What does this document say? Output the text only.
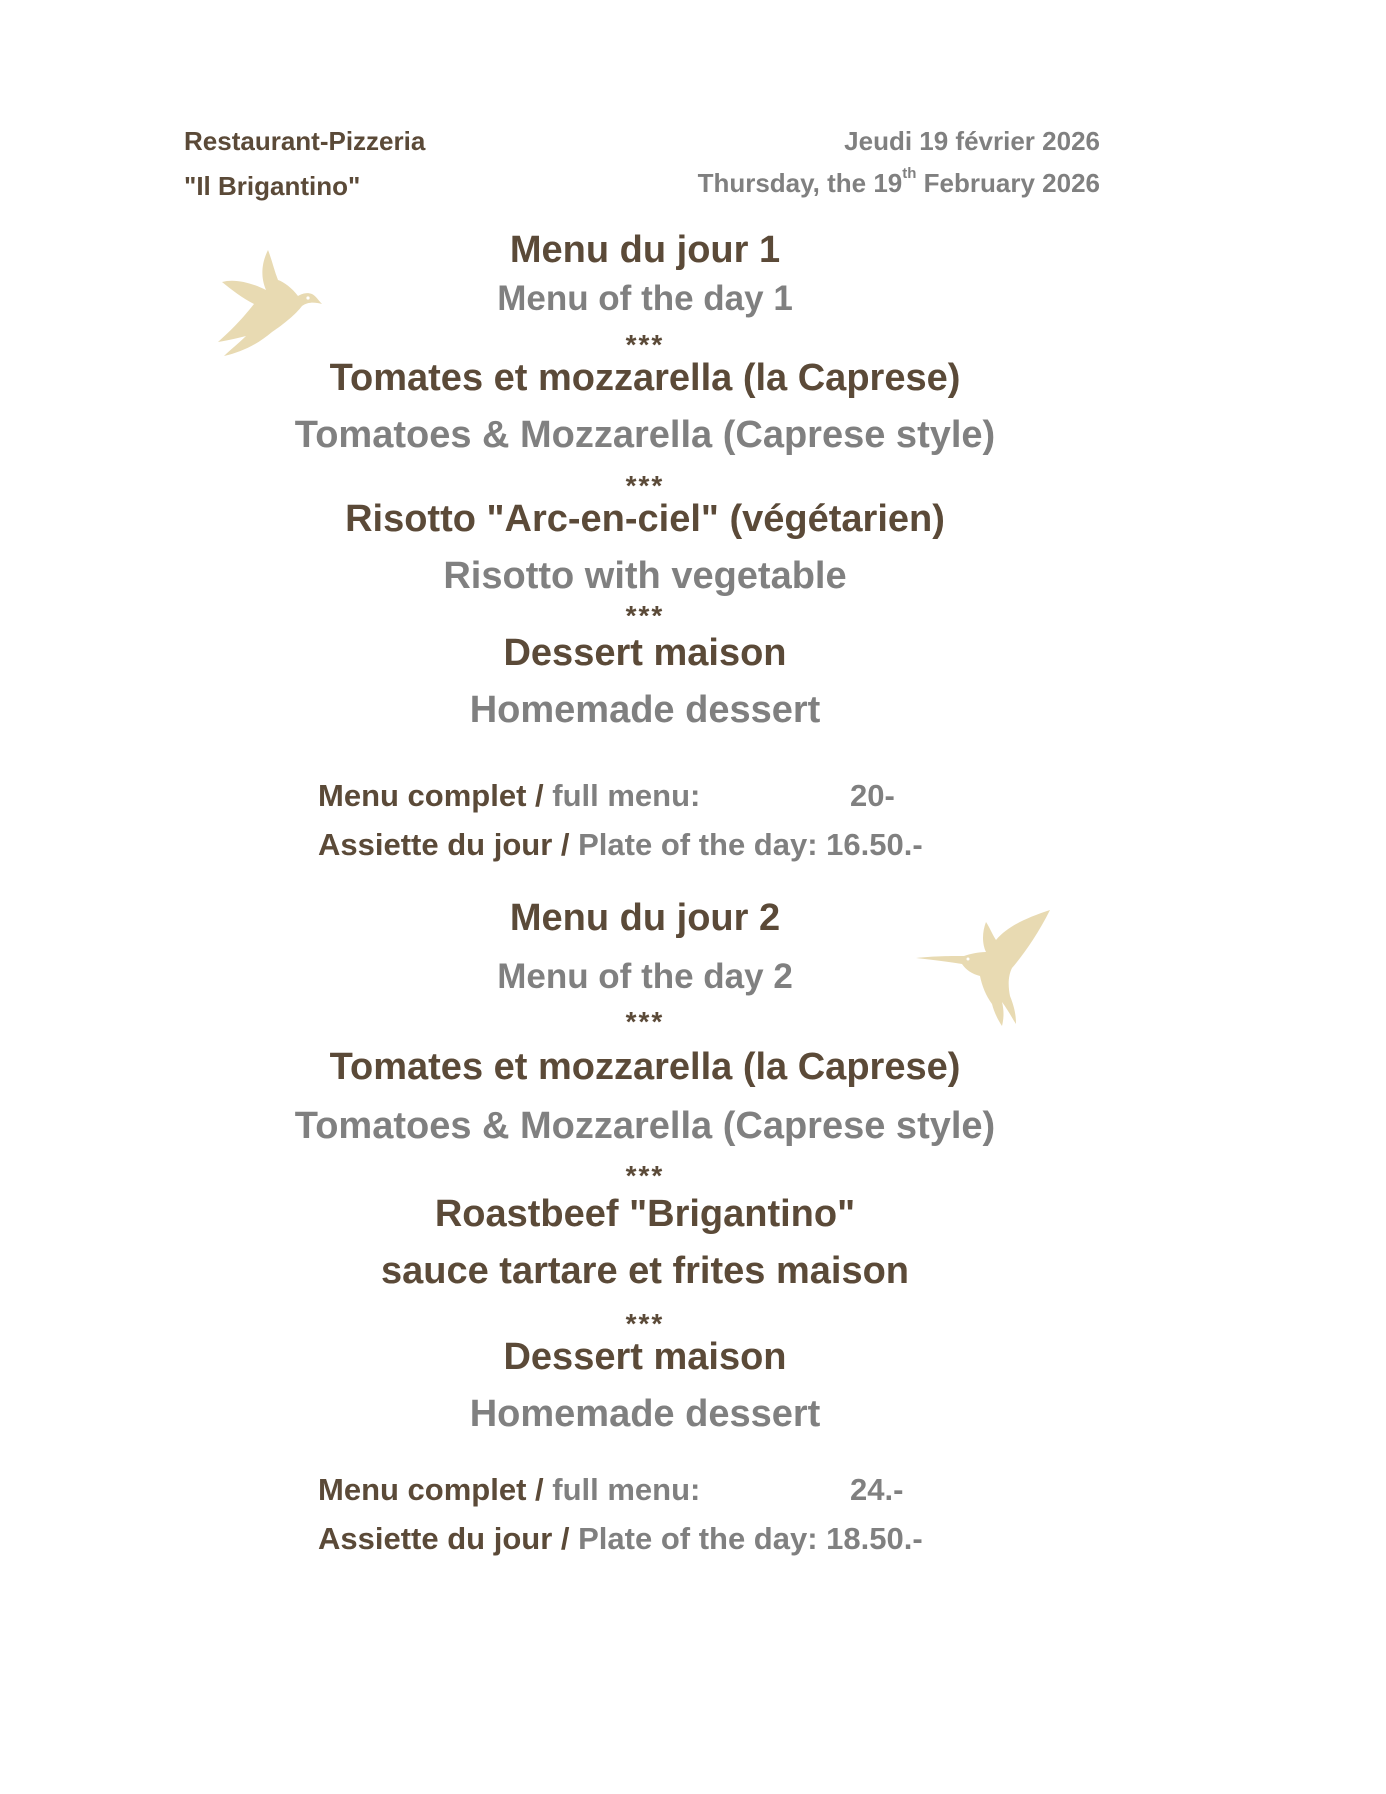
Restaurant-Pizzeria
"Il Brigantino"
Jeudi 19 février 2026
Thursday, the 19th February 2026
Menu du jour 1
Menu of the day 1
***
Tomates et mozzarella (la Caprese)
Tomatoes & Mozzarella (Caprese style)
***
Risotto "Arc-en-ciel" (végétarien)
Risotto with vegetable
***
Dessert maison
Homemade dessert
Menu complet / full menu:	20-
Assiette du jour / Plate of the day: 16.50.-
Menu du jour 2
Menu of the day 2
***
Tomates et mozzarella (la Caprese)
Tomatoes & Mozzarella (Caprese style)
***
Roastbeef "Brigantino"
sauce tartare et frites maison
***
Dessert maison
Homemade dessert
Menu complet / full menu:	24.-
Assiette du jour / Plate of the day: 18.50.-
